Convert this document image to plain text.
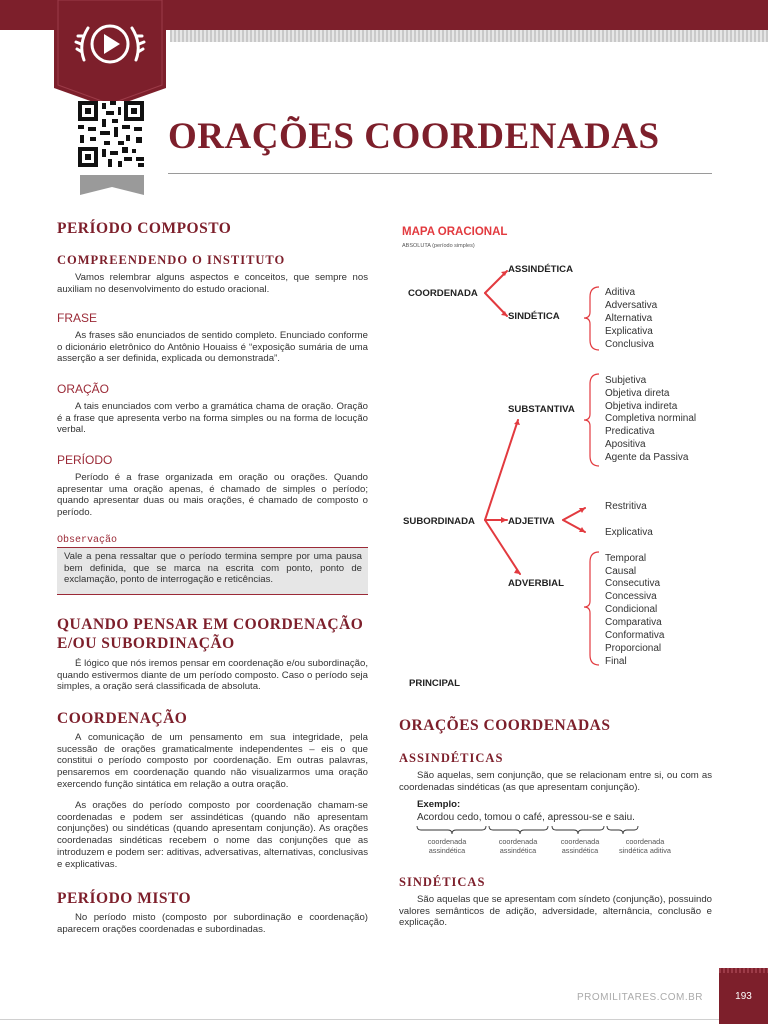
ORAÇÕES COORDENADAS
PERÍODO COMPOSTO
COMPREENDENDO O INSTITUTO
Vamos relembrar alguns aspectos e conceitos, que sempre nos auxiliam no desenvolvimento do estudo oracional.
FRASE
As frases são enunciados de sentido completo. Enunciado conforme o dicionário eletrônico do Antônio Houaiss é “exposição sumária de uma asserção a ser definida, explicada ou demonstrada”.
ORAÇÃO
A tais enunciados com verbo a gramática chama de oração. Oração é a frase que apresenta verbo na forma simples ou na forma de locução verbal.
PERÍODO
Período é a frase organizada em oração ou orações. Quando apresentar uma oração apenas, é chamado de simples o período; quando apresentar duas ou mais orações, é chamado de composto o período.
Observação
Vale a pena ressaltar que o período termina sempre por uma pausa bem definida, que se marca na escrita com ponto, ponto de exclamação, ponto de interrogação e reticências.
QUANDO PENSAR EM COORDENAÇÃO
E/OU SUBORDINAÇÃO
É lógico que nós iremos pensar em coordenação e/ou subordinação, quando estivermos diante de um período composto. Caso o período seja simples, a oração será classificada de absoluta.
COORDENAÇÃO
A comunicação de um pensamento em sua integridade, pela sucessão de orações gramaticalmente independentes – eis o que constitui o período composto por coordenação. Em outras palavras, pensaremos em coordenação quando não visualizarmos uma oração exercendo função sintática em relação a outra oração.
As orações do período composto por coordenação chamam-se coordenadas e podem ser assindéticas (quando não apresentam conjunções) ou sindéticas (quando apresentam conjunção). As orações coordenadas sindéticas recebem o nome das conjunções que as introduzem e podem ser: aditivas, adversativas, alternativas, conclusivas e explicativas.
PERÍODO MISTO
No período misto (composto por subordinação e coordenação) aparecem orações coordenadas e subordinadas.
MAPA ORACIONAL
ABSOLUTA (período simples)
COORDENADA
ASSINDÉTICA
SINDÉTICA
Aditiva
Adversativa
Alternativa
Explicativa
Conclusiva
SUBSTANTIVA
Subjetiva
Objetiva direta
Objetiva indireta
Completiva norminal
Predicativa
Apositiva
Agente da Passiva
SUBORDINADA	ADJETIVA
Restritiva
Explicativa
ADVERBIAL
Temporal
Causal
Consecutiva
Concessiva
Condicional
Comparativa
Conformativa
Proporcional
Final
PRINCIPAL
ORAÇÕES COORDENADAS
ASSINDÉTICAS
São aquelas, sem conjunção, que se relacionam entre si, ou com as coordenadas sindéticas (as que apresentam conjunção).
Exemplo:
Acordou cedo, tomou o café, apressou-se e saiu.
coordenada
assindética
coordenada
assindética
coordenada
assindética
coordenada
sindética aditiva
SINDÉTICAS
São aquelas que se apresentam com síndeto (conjunção), possuindo valores semânticos de adição, adversidade, alternância, conclusão e explicação.
PROMILITARES.COM.BR	193
